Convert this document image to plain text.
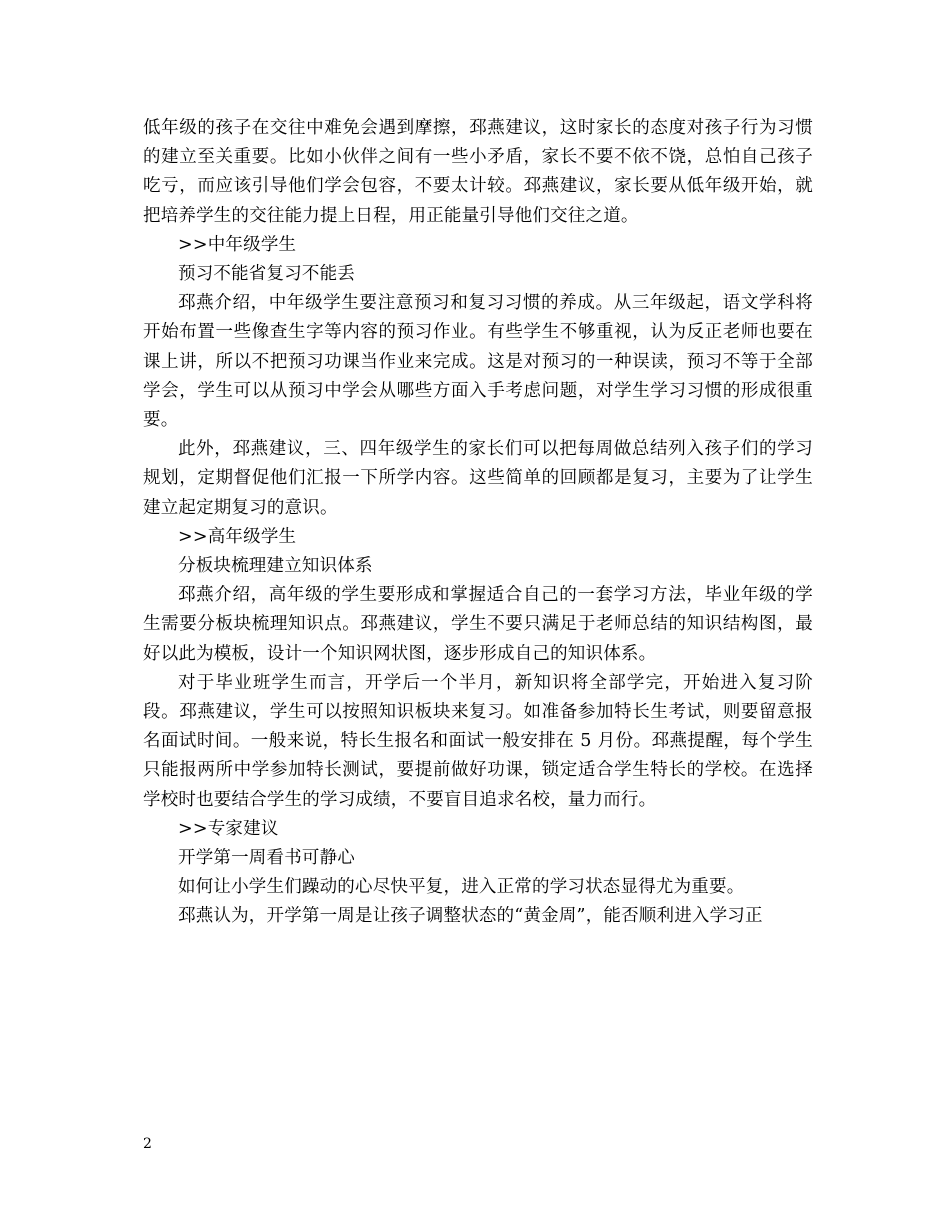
低年级的孩子在交往中难免会遇到摩擦，邳燕建议，这时家长的态度对孩子行为习惯的建立至关重要。比如小伙伴之间有一些小矛盾，家长不要不依不饶，总怕自己孩子吃亏，而应该引导他们学会包容，不要太计较。邳燕建议，家长要从低年级开始，就把培养学生的交往能力提上日程，用正能量引导他们交往之道。

>>中年级学生

预习不能省复习不能丢

邳燕介绍，中年级学生要注意预习和复习习惯的养成。从三年级起，语文学科将开始布置一些像查生字等内容的预习作业。有些学生不够重视，认为反正老师也要在课上讲，所以不把预习功课当作业来完成。这是对预习的一种误读，预习不等于全部学会，学生可以从预习中学会从哪些方面入手考虑问题，对学生学习习惯的形成很重要。

此外，邳燕建议，三、四年级学生的家长们可以把每周做总结列入孩子们的学习规划，定期督促他们汇报一下所学内容。这些简单的回顾都是复习，主要为了让学生建立起定期复习的意识。

>>高年级学生

分板块梳理建立知识体系

邳燕介绍，高年级的学生要形成和掌握适合自己的一套学习方法，毕业年级的学生需要分板块梳理知识点。邳燕建议，学生不要只满足于老师总结的知识结构图，最好以此为模板，设计一个知识网状图，逐步形成自己的知识体系。

对于毕业班学生而言，开学后一个半月，新知识将全部学完，开始进入复习阶段。邳燕建议，学生可以按照知识板块来复习。如准备参加特长生考试，则要留意报名面试时间。一般来说，特长生报名和面试一般安排在 5 月份。邳燕提醒，每个学生只能报两所中学参加特长测试，要提前做好功课，锁定适合学生特长的学校。在选择学校时也要结合学生的学习成绩，不要盲目追求名校，量力而行。

>>专家建议

开学第一周看书可静心

如何让小学生们躁动的心尽快平复，进入正常的学习状态显得尤为重要。

邳燕认为，开学第一周是让孩子调整状态的“黄金周”，能否顺利进入学习正

2
